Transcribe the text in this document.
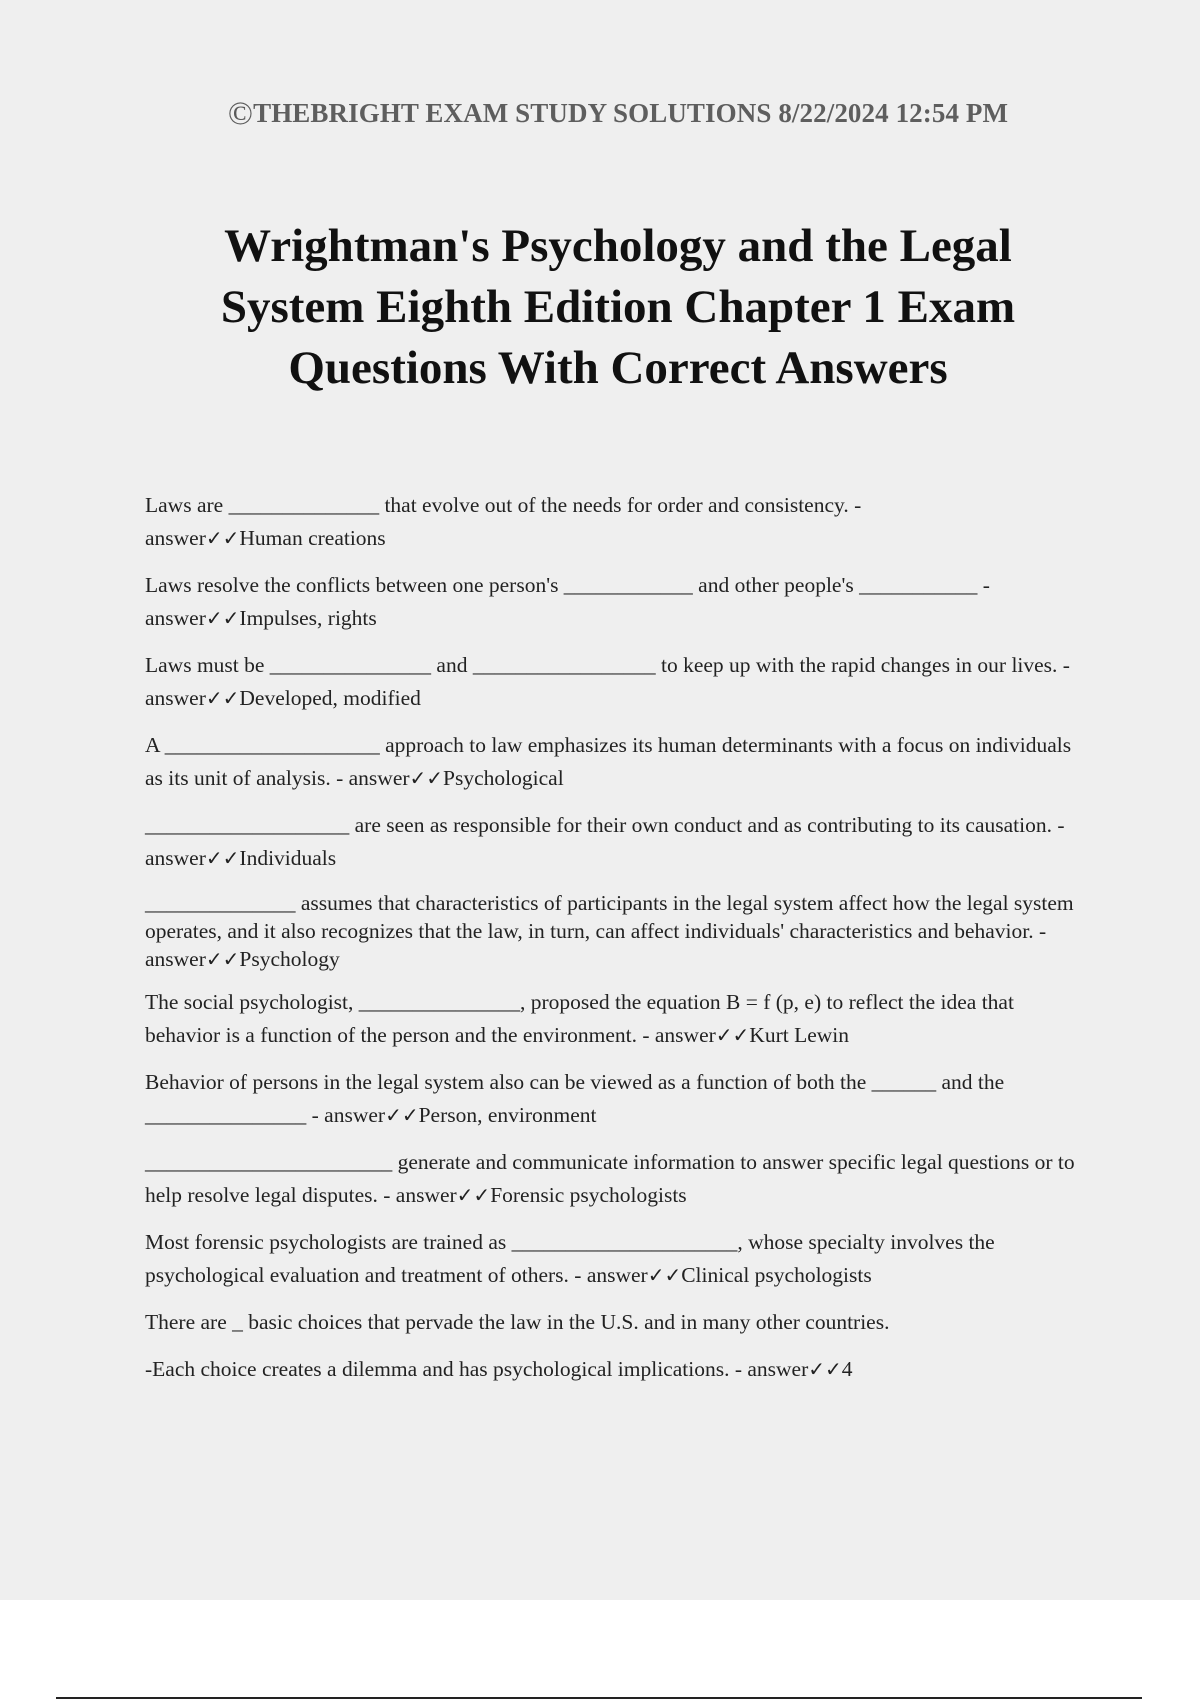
©THEBRIGHT EXAM STUDY SOLUTIONS 8/22/2024 12:54 PM
Wrightman's Psychology and the Legal System Eighth Edition Chapter 1 Exam Questions With Correct Answers

Laws are ______________ that evolve out of the needs for order and consistency. -
answer✓✓Human creations

Laws resolve the conflicts between one person's ____________ and other people's ___________ - answer✓✓Impulses, rights

Laws must be _______________ and _________________ to keep up with the rapid changes in our lives. - answer✓✓Developed, modified

A ____________________ approach to law emphasizes its human determinants with a focus on individuals as its unit of analysis. - answer✓✓Psychological

___________________ are seen as responsible for their own conduct and as contributing to its causation. - answer✓✓Individuals

______________ assumes that characteristics of participants in the legal system affect how the legal system operates, and it also recognizes that the law, in turn, can affect individuals' characteristics and behavior. - answer✓✓Psychology

The social psychologist, _______________, proposed the equation B = f (p, e) to reflect the idea that behavior is a function of the person and the environment. - answer✓✓Kurt Lewin

Behavior of persons in the legal system also can be viewed as a function of both the ______ and the _______________ - answer✓✓Person, environment

_______________________ generate and communicate information to answer specific legal questions or to help resolve legal disputes. - answer✓✓Forensic psychologists

Most forensic psychologists are trained as _____________________, whose specialty involves the psychological evaluation and treatment of others. - answer✓✓Clinical psychologists

There are _ basic choices that pervade the law in the U.S. and in many other countries.

-Each choice creates a dilemma and has psychological implications. - answer✓✓4
